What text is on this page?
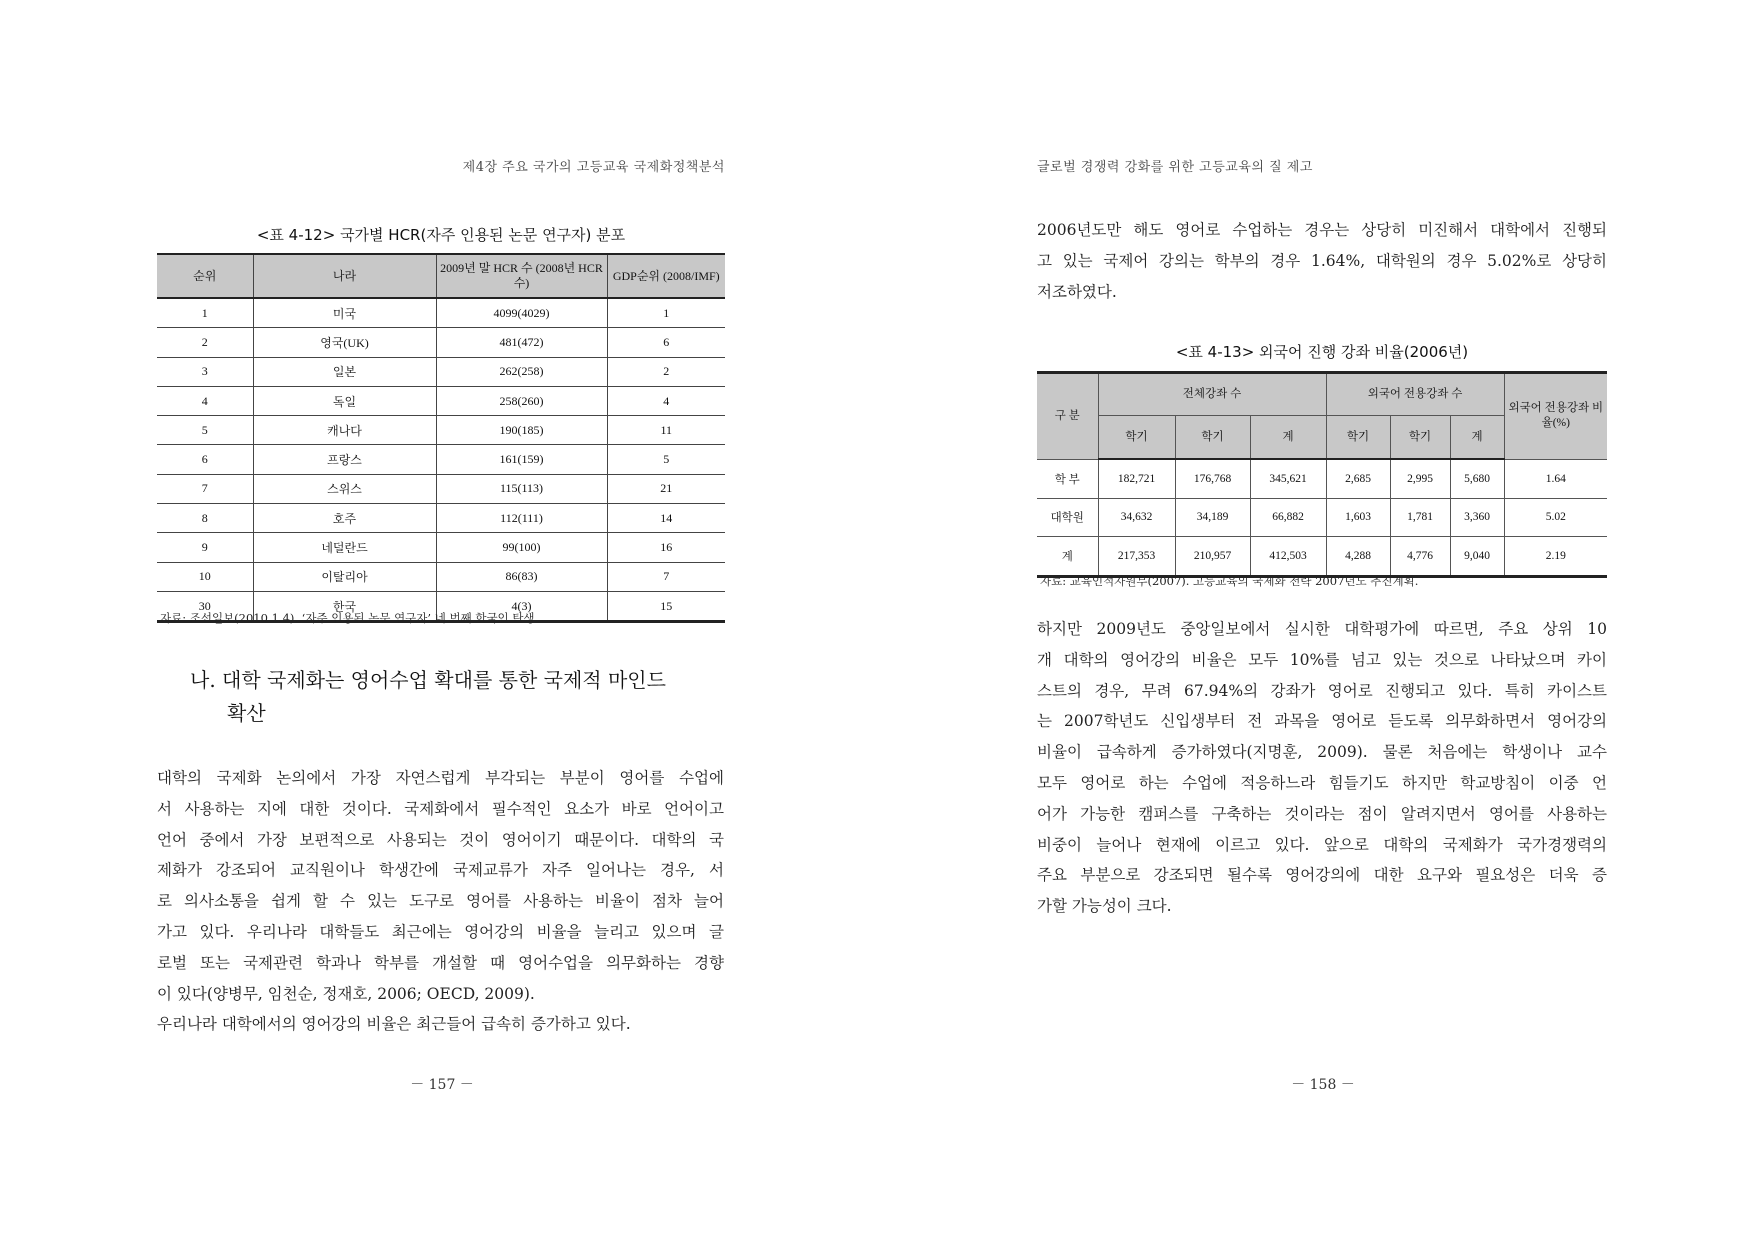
제4장 주요 국가의 고등교육 국제화정책분석
<표 4-12> 국가별 HCR(자주 인용된 논문 연구자) 분포
순위	나라	2009년 말 HCR 수 (2008년 HCR 수)	GDP순위 (2008/IMF)
1	미국	4099(4029)	1
2	영국(UK)	481(472)	6
3	일본	262(258)	2
4	독일	258(260)	4
5	캐나다	190(185)	11
6	프랑스	161(159)	5
7	스위스	115(113)	21
8	호주	112(111)	14
9	네덜란드	99(100)	16
10	이탈리아	86(83)	7
30	한국	4(3)	15
자료: 조선일보(2010.1.4). ‘자주 인용된 논문 연구자’ 네 번째 한국인 탄생.
나. 대학 국제화는 영어수업 확대를 통한 국제적 마인드
확산
대학의 국제화 논의에서 가장 자연스럽게 부각되는 부분이 영어를 수업에
서 사용하는 지에 대한 것이다. 국제화에서 필수적인 요소가 바로 언어이고
언어 중에서 가장 보편적으로 사용되는 것이 영어이기 때문이다. 대학의 국
제화가 강조되어 교직원이나 학생간에 국제교류가 자주 일어나는 경우, 서
로 의사소통을 쉽게 할 수 있는 도구로 영어를 사용하는 비율이 점차 늘어
가고 있다. 우리나라 대학들도 최근에는 영어강의 비율을 늘리고 있으며 글
로벌 또는 국제관련 학과나 학부를 개설할 때 영어수업을 의무화하는 경향
이 있다(양병무, 임천순, 정재호, 2006; OECD, 2009).
우리나라 대학에서의 영어강의 비율은 최근들어 급속히 증가하고 있다.
－ 157 －
글로벌 경쟁력 강화를 위한 고등교육의 질 제고
2006년도만 해도 영어로 수업하는 경우는 상당히 미진해서 대학에서 진행되
고 있는 국제어 강의는 학부의 경우 1.64%, 대학원의 경우 5.02%로 상당히
저조하였다.
<표 4-13> 외국어 진행 강좌 비율(2006년)
구 분	전체강좌 수			외국어 전용강좌 수			외국어 전용강좌 비율(%)
	학기	학기	계	학기	학기	계	
학 부	182,721	176,768	345,621	2,685	2,995	5,680	1.64
대학원	34,632	34,189	66,882	1,603	1,781	3,360	5.02
계	217,353	210,957	412,503	4,288	4,776	9,040	2.19
자료: 교육인적자원부(2007). 고등교육의 국제화 전략 2007년도 추진계획.
하지만 2009년도 중앙일보에서 실시한 대학평가에 따르면, 주요 상위 10
개 대학의 영어강의 비율은 모두 10%를 넘고 있는 것으로 나타났으며 카이
스트의 경우, 무려 67.94%의 강좌가 영어로 진행되고 있다. 특히 카이스트
는 2007학년도 신입생부터 전 과목을 영어로 듣도록 의무화하면서 영어강의
비율이 급속하게 증가하였다(지명훈, 2009). 물론 처음에는 학생이나 교수
모두 영어로 하는 수업에 적응하느라 힘들기도 하지만 학교방침이 이중 언
어가 가능한 캠퍼스를 구축하는 것이라는 점이 알려지면서 영어를 사용하는
비중이 늘어나 현재에 이르고 있다. 앞으로 대학의 국제화가 국가경쟁력의
주요 부분으로 강조되면 될수록 영어강의에 대한 요구와 필요성은 더욱 증
가할 가능성이 크다.
－ 158 －
